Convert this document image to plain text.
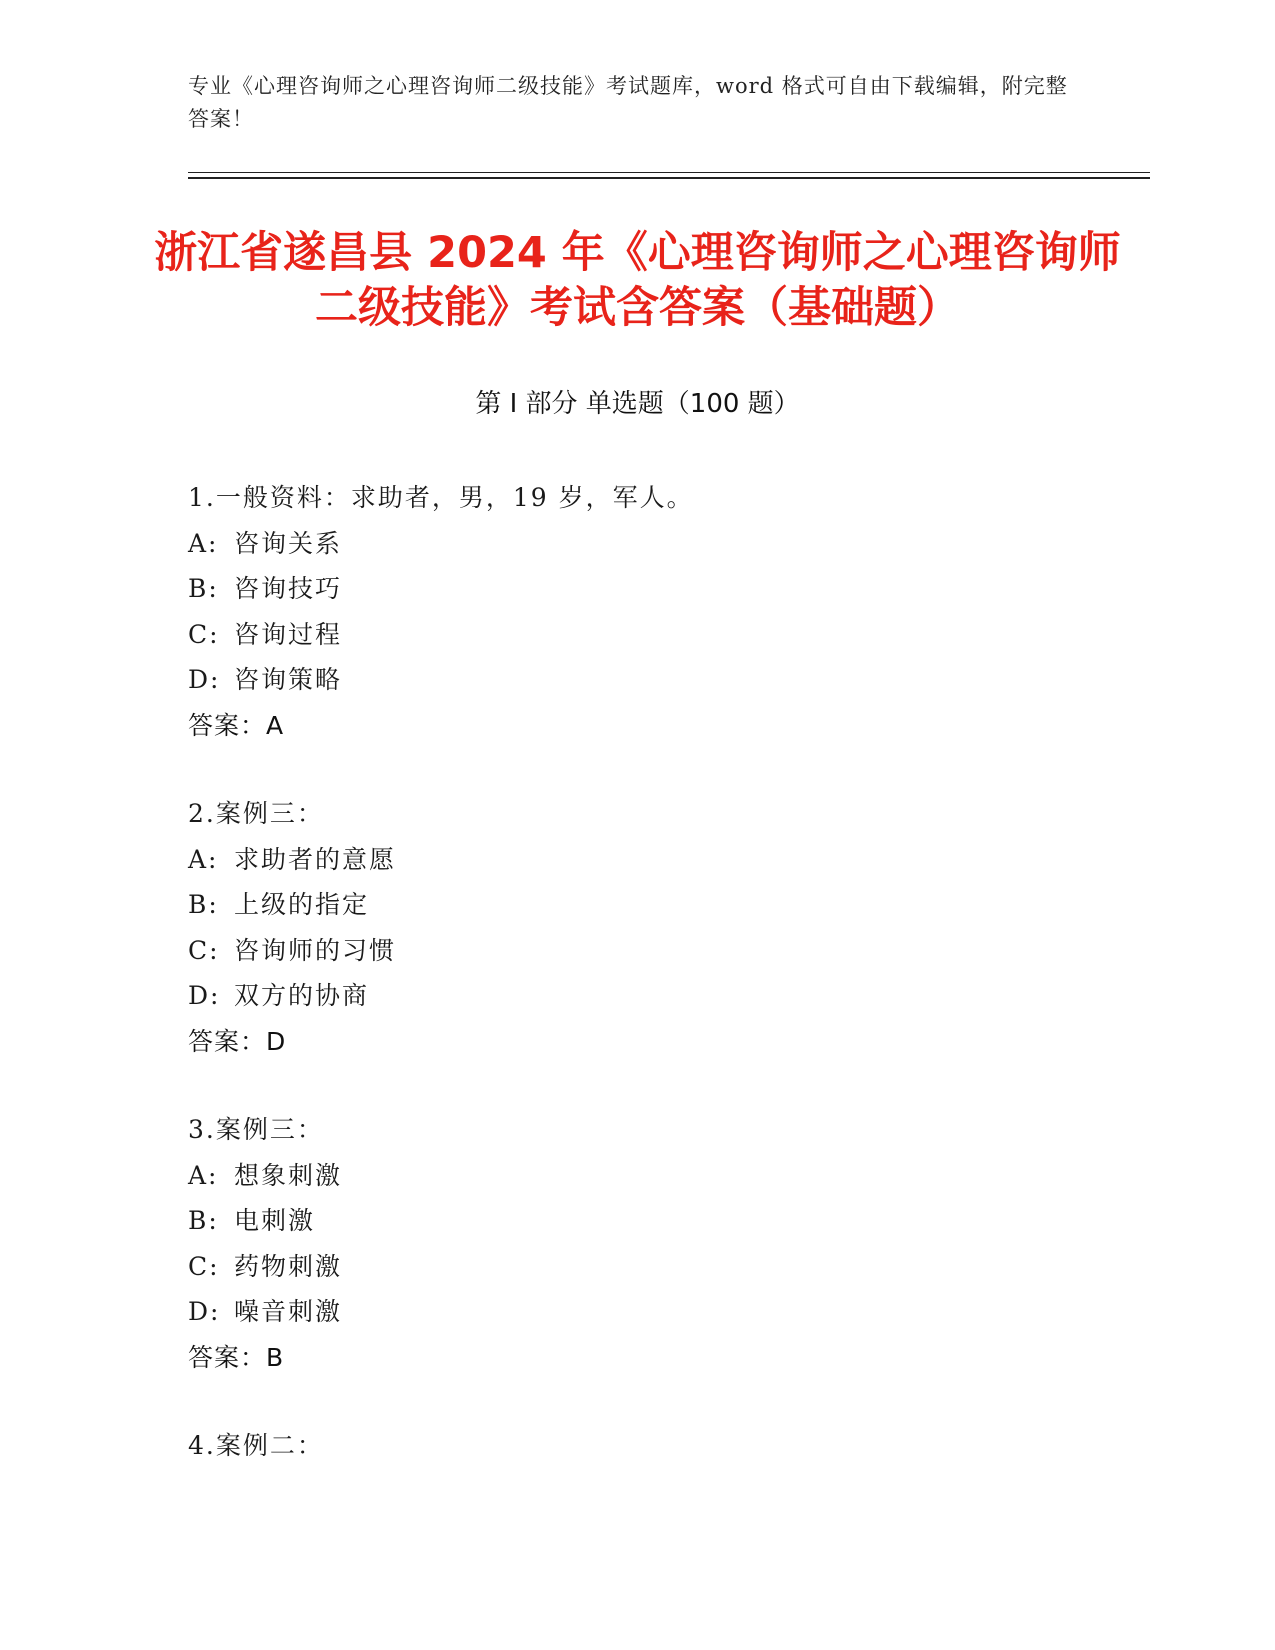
专业《心理咨询师之心理咨询师二级技能》考试题库，word 格式可自由下载编辑，附完整答案！
浙江省遂昌县 2024 年《心理咨询师之心理咨询师二级技能》考试含答案（基础题）
第 I 部分 单选题（100 题）
1.一般资料：求助者，男，19 岁，军人。
A: 咨询关系
B: 咨询技巧
C: 咨询过程
D: 咨询策略
答案：A
2.案例三：
A: 求助者的意愿
B: 上级的指定
C: 咨询师的习惯
D: 双方的协商
答案：D
3.案例三：
A: 想象刺激
B: 电刺激
C: 药物刺激
D: 噪音刺激
答案：B
4.案例二：
